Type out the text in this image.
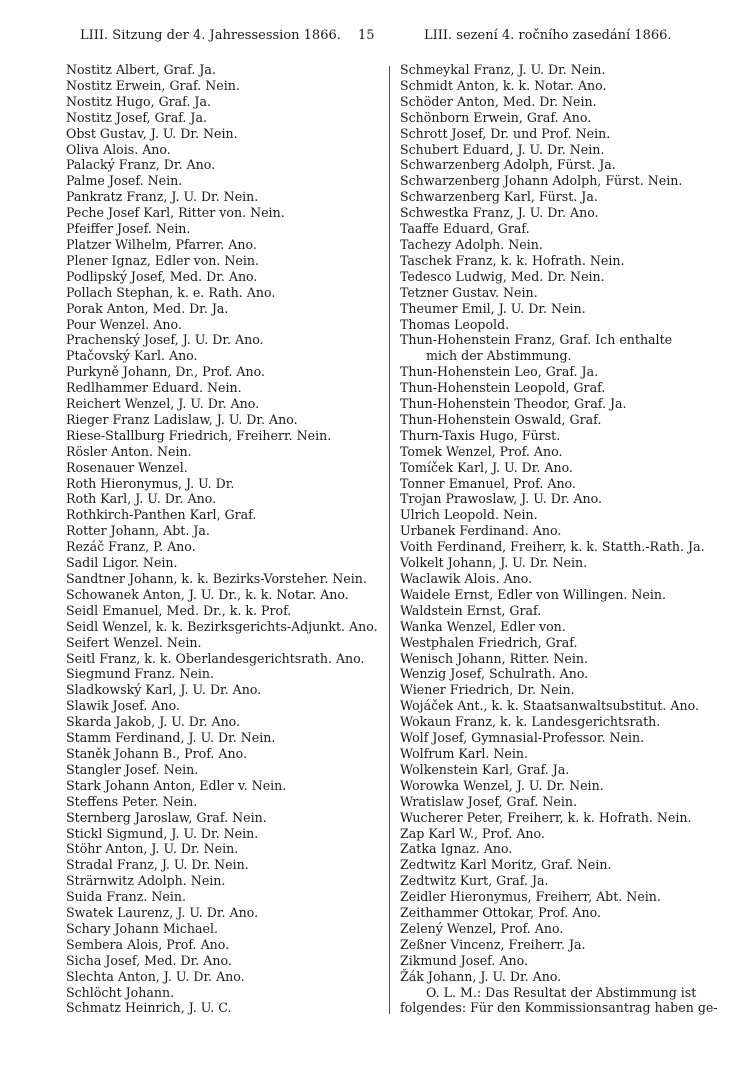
LIII. Sitzung der 4. Jahressession 1866. 15	LIII. sezení 4. ročního zasedání 1866.
Nostitz Albert, Graf. Ja.
Nostitz Erwein, Graf. Nein.
Nostitz Hugo, Graf. Ja.
Nostitz Josef, Graf. Ja.
Obst Gustav, J. U. Dr. Nein.
Oliva Alois. Ano.
Palacký Franz, Dr. Ano.
Palme Josef. Nein.
Pankratz Franz, J. U. Dr. Nein.
Peche Josef Karl, Ritter von. Nein.
Pfeiffer Josef. Nein.
Platzer Wilhelm, Pfarrer. Ano.
Plener Ignaz, Edler von. Nein.
Podlipský Josef, Med. Dr. Ano.
Pollach Stephan, k. e. Rath. Ano.
Porak Anton, Med. Dr. Ja.
Pour Wenzel. Ano.
Prachenský Josef, J. U. Dr. Ano.
Ptačovský Karl. Ano.
Purkyně Johann, Dr., Prof. Ano.
Redlhammer Eduard. Nein.
Reichert Wenzel, J. U. Dr. Ano.
Rieger Franz Ladislaw, J. U. Dr. Ano.
Riese-Stallburg Friedrich, Freiherr. Nein.
Rösler Anton. Nein.
Rosenauer Wenzel.
Roth Hieronymus, J. U. Dr.
Roth Karl, J. U. Dr. Ano.
Rothkirch-Panthen Karl, Graf.
Rotter Johann, Abt. Ja.
Rezáč Franz, P. Ano.
Sadil Ligor. Nein.
Sandtner Johann, k. k. Bezirks-Vorsteher. Nein.
Schowanek Anton, J. U. Dr., k. k. Notar. Ano.
Seidl Emanuel, Med. Dr., k. k. Prof.
Seidl Wenzel, k. k. Bezirksgerichts-Adjunkt. Ano.
Seifert Wenzel. Nein.
Seitl Franz, k. k. Oberlandesgerichtsrath. Ano.
Siegmund Franz. Nein.
Sladkowský Karl, J. U. Dr. Ano.
Slawik Josef. Ano.
Skarda Jakob, J. U. Dr. Ano.
Stamm Ferdinand, J. U. Dr. Nein.
Staněk Johann B., Prof. Ano.
Stangler Josef. Nein.
Stark Johann Anton, Edler v. Nein.
Steffens Peter. Nein.
Sternberg Jaroslaw, Graf. Nein.
Stickl Sigmund, J. U. Dr. Nein.
Stöhr Anton, J. U. Dr. Nein.
Stradal Franz, J. U. Dr. Nein.
Strärnwitz Adolph. Nein.
Suida Franz. Nein.
Swatek Laurenz, J. U. Dr. Ano.
Schary Johann Michael.
Sembera Alois, Prof. Ano.
Sicha Josef, Med. Dr. Ano.
Slechta Anton, J. U. Dr. Ano.
Schlöcht Johann.
Schmatz Heinrich, J. U. C.
Schmeykal Franz, J. U. Dr. Nein.
Schmidt Anton, k. k. Notar. Ano.
Schöder Anton, Med. Dr. Nein.
Schönborn Erwein, Graf. Ano.
Schrott Josef, Dr. und Prof. Nein.
Schubert Eduard, J. U. Dr. Nein.
Schwarzenberg Adolph, Fürst. Ja.
Schwarzenberg Johann Adolph, Fürst. Nein.
Schwarzenberg Karl, Fürst. Ja.
Schwestka Franz, J. U. Dr. Ano.
Taaffe Eduard, Graf.
Tachezy Adolph. Nein.
Taschek Franz, k. k. Hofrath. Nein.
Tedesco Ludwig, Med. Dr. Nein.
Tetzner Gustav. Nein.
Theumer Emil, J. U. Dr. Nein.
Thomas Leopold.
Thun-Hohenstein Franz, Graf. Ich enthalte
mich der Abstimmung.
Thun-Hohenstein Leo, Graf. Ja.
Thun-Hohenstein Leopold, Graf.
Thun-Hohenstein Theodor, Graf. Ja.
Thun-Hohenstein Oswald, Graf.
Thurn-Taxis Hugo, Fürst.
Tomek Wenzel, Prof. Ano.
Tomíček Karl, J. U. Dr. Ano.
Tonner Emanuel, Prof. Ano.
Trojan Prawoslaw, J. U. Dr. Ano.
Ulrich Leopold. Nein.
Urbanek Ferdinand. Ano.
Voith Ferdinand, Freiherr, k. k. Statth.-Rath. Ja.
Volkelt Johann, J. U. Dr. Nein.
Waclawik Alois. Ano.
Waidele Ernst, Edler von Willingen. Nein.
Waldstein Ernst, Graf.
Wanka Wenzel, Edler von.
Westphalen Friedrich, Graf.
Wenisch Johann, Ritter. Nein.
Wenzig Josef, Schulrath. Ano.
Wiener Friedrich, Dr. Nein.
Wojáček Ant., k. k. Staatsanwaltsubstitut. Ano.
Wokaun Franz, k. k. Landesgerichtsrath.
Wolf Josef, Gymnasial-Professor. Nein.
Wolfrum Karl. Nein.
Wolkenstein Karl, Graf. Ja.
Worowka Wenzel, J. U. Dr. Nein.
Wratislaw Josef, Graf. Nein.
Wucherer Peter, Freiherr, k. k. Hofrath. Nein.
Zap Karl W., Prof. Ano.
Zatka Ignaz. Ano.
Zedtwitz Karl Moritz, Graf. Nein.
Zedtwitz Kurt, Graf. Ja.
Zeidler Hieronymus, Freiherr, Abt. Nein.
Zeithammer Ottokar, Prof. Ano.
Zelený Wenzel, Prof. Ano.
Zeßner Vincenz, Freiherr. Ja.
Zikmund Josef. Ano.
Žák Johann, J. U. Dr. Ano.
O. L. M.: Das Resultat der Abstimmung ist
folgendes: Für den Kommissionsantrag haben ge-
